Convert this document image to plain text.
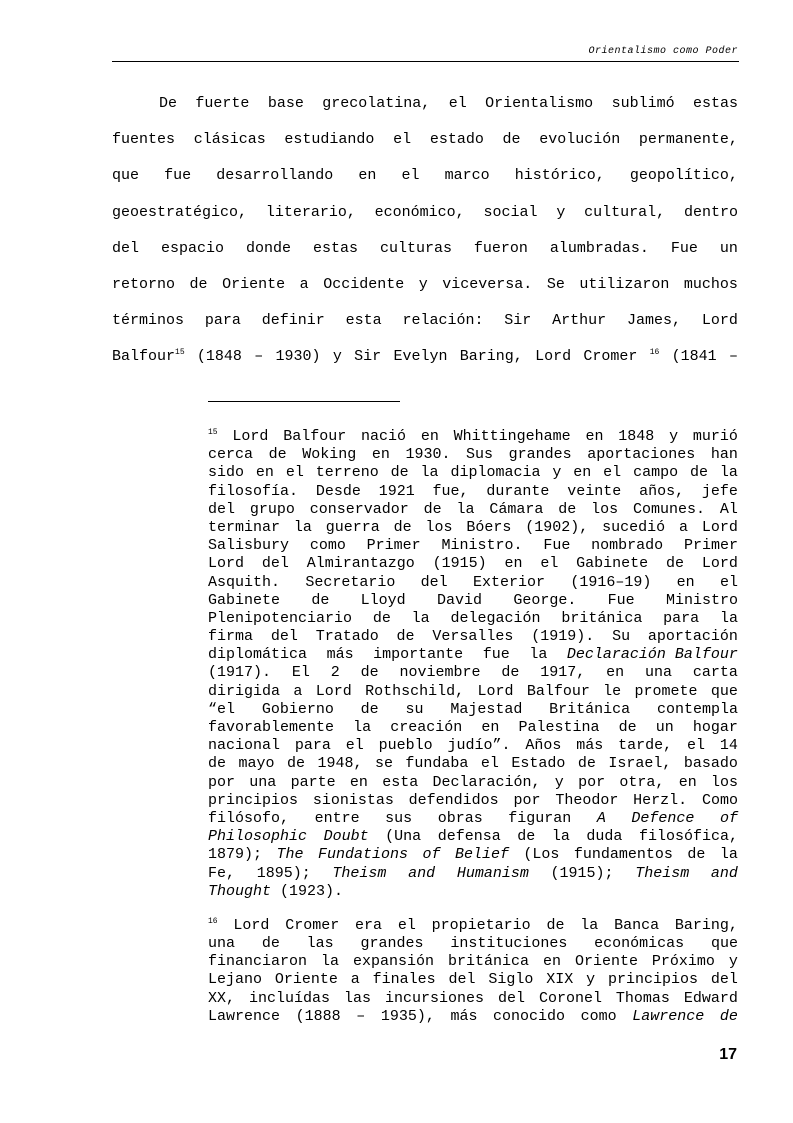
Orientalismo como Poder
De fuerte base grecolatina, el Orientalismo sublimó estas
fuentes clásicas estudiando el estado de evolución permanente,
que fue desarrollando en el marco histórico, geopolítico,
geoestratégico, literario, económico, social y cultural, dentro
del espacio donde estas culturas fueron alumbradas. Fue un
retorno de Oriente a Occidente y viceversa. Se utilizaron muchos
términos para definir esta relación: Sir Arthur James, Lord
Balfour$^{15}$ (1848 – 1930) y Sir Evelyn Baring, Lord Cromer $^{16}$ (1841 –
$^{15}$ Lord Balfour nació en Whittingehame en 1848 y murió
cerca de Woking en 1930. Sus grandes aportaciones han
sido en el terreno de la diplomacia y en el campo de la
filosofía. Desde 1921 fue, durante veinte años, jefe
del grupo conservador de la Cámara de los Comunes. Al
terminar la guerra de los Bóers (1902), sucedió a Lord
Salisbury como Primer Ministro. Fue nombrado Primer
Lord del Almirantazgo (1915) en el Gabinete de Lord
Asquith. Secretario del Exterior (1916–19) en el
Gabinete de Lloyd David George. Fue Ministro
Plenipotenciario de la delegación británica para la
firma del Tratado de Versalles (1919). Su aportación
diplomática más importante fue la Declaración Balfour
(1917). El 2 de noviembre de 1917, en una carta
dirigida a Lord Rothschild, Lord Balfour le promete que
“el Gobierno de su Majestad Británica contempla
favorablemente la creación en Palestina de un hogar
nacional para el pueblo judío”. Años más tarde, el 14
de mayo de 1948, se fundaba el Estado de Israel, basado
por una parte en esta Declaración, y por otra, en los
principios sionistas defendidos por Theodor Herzl. Como
filósofo, entre sus obras figuran A Defence of
Philosophic Doubt (Una defensa de la duda filosófica,
1879); The Fundations of Belief (Los fundamentos de la
Fe, 1895); Theism and Humanism (1915); Theism and
Thought
(1923).
$^{16}$ Lord Cromer era el propietario de la Banca Baring,
una de las grandes instituciones económicas que
financiaron la expansión británica en Oriente Próximo y
Lejano Oriente a finales del Siglo XIX y principios del
XX, incluídas las incursiones del Coronel Thomas Edward
Lawrence (1888 – 1935), más conocido como Lawrence de
17
